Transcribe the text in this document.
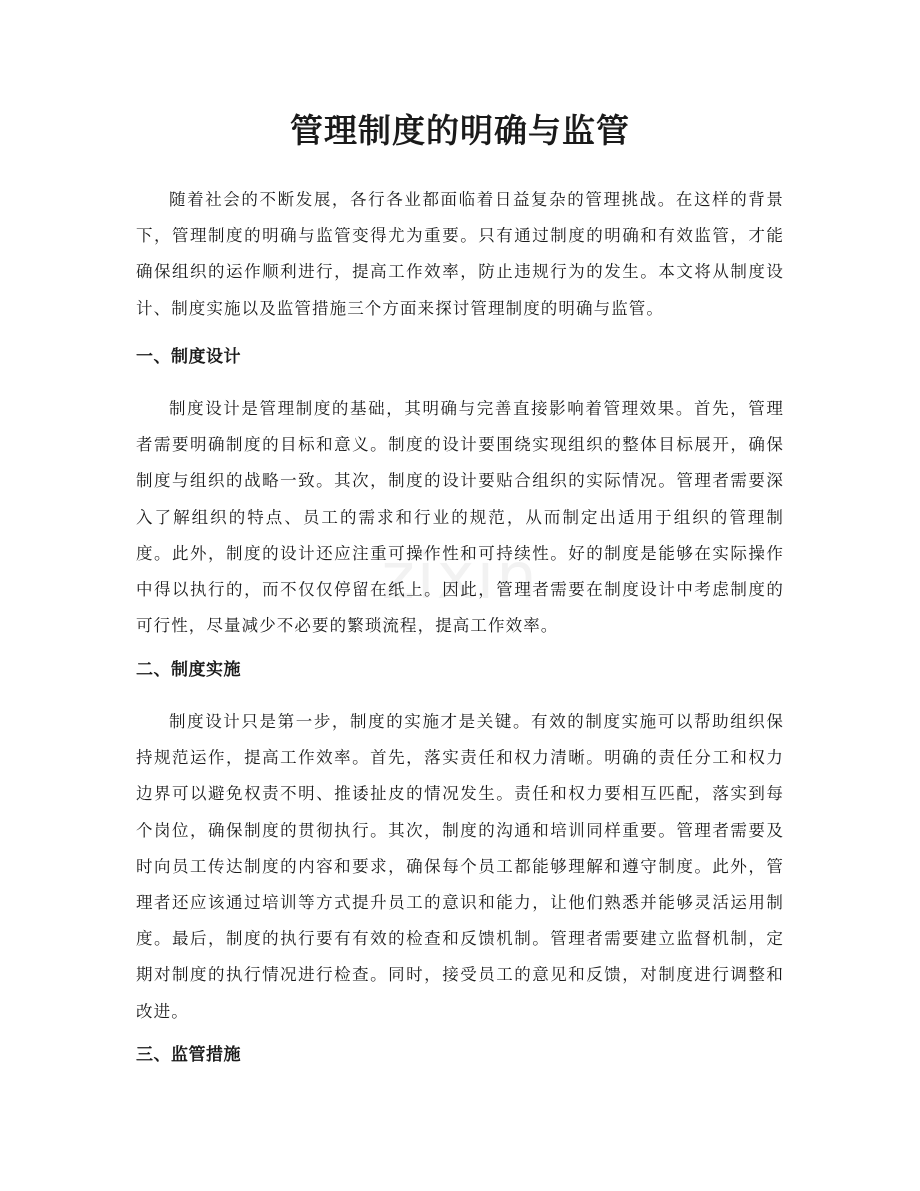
管理制度的明确与监管

随着社会的不断发展，各行各业都面临着日益复杂的管理挑战。在这样的背景下，管理制度的明确与监管变得尤为重要。只有通过制度的明确和有效监管，才能确保组织的运作顺利进行，提高工作效率，防止违规行为的发生。本文将从制度设计、制度实施以及监管措施三个方面来探讨管理制度的明确与监管。

一、制度设计

制度设计是管理制度的基础，其明确与完善直接影响着管理效果。首先，管理者需要明确制度的目标和意义。制度的设计要围绕实现组织的整体目标展开，确保制度与组织的战略一致。其次，制度的设计要贴合组织的实际情况。管理者需要深入了解组织的特点、员工的需求和行业的规范，从而制定出适用于组织的管理制度。此外，制度的设计还应注重可操作性和可持续性。好的制度是能够在实际操作中得以执行的，而不仅仅停留在纸上。因此，管理者需要在制度设计中考虑制度的可行性，尽量减少不必要的繁琐流程，提高工作效率。

二、制度实施

制度设计只是第一步，制度的实施才是关键。有效的制度实施可以帮助组织保持规范运作，提高工作效率。首先，落实责任和权力清晰。明确的责任分工和权力边界可以避免权责不明、推诿扯皮的情况发生。责任和权力要相互匹配，落实到每个岗位，确保制度的贯彻执行。其次，制度的沟通和培训同样重要。管理者需要及时向员工传达制度的内容和要求，确保每个员工都能够理解和遵守制度。此外，管理者还应该通过培训等方式提升员工的意识和能力，让他们熟悉并能够灵活运用制度。最后，制度的执行要有有效的检查和反馈机制。管理者需要建立监督机制，定期对制度的执行情况进行检查。同时，接受员工的意见和反馈，对制度进行调整和改进。

三、监管措施
zixin
